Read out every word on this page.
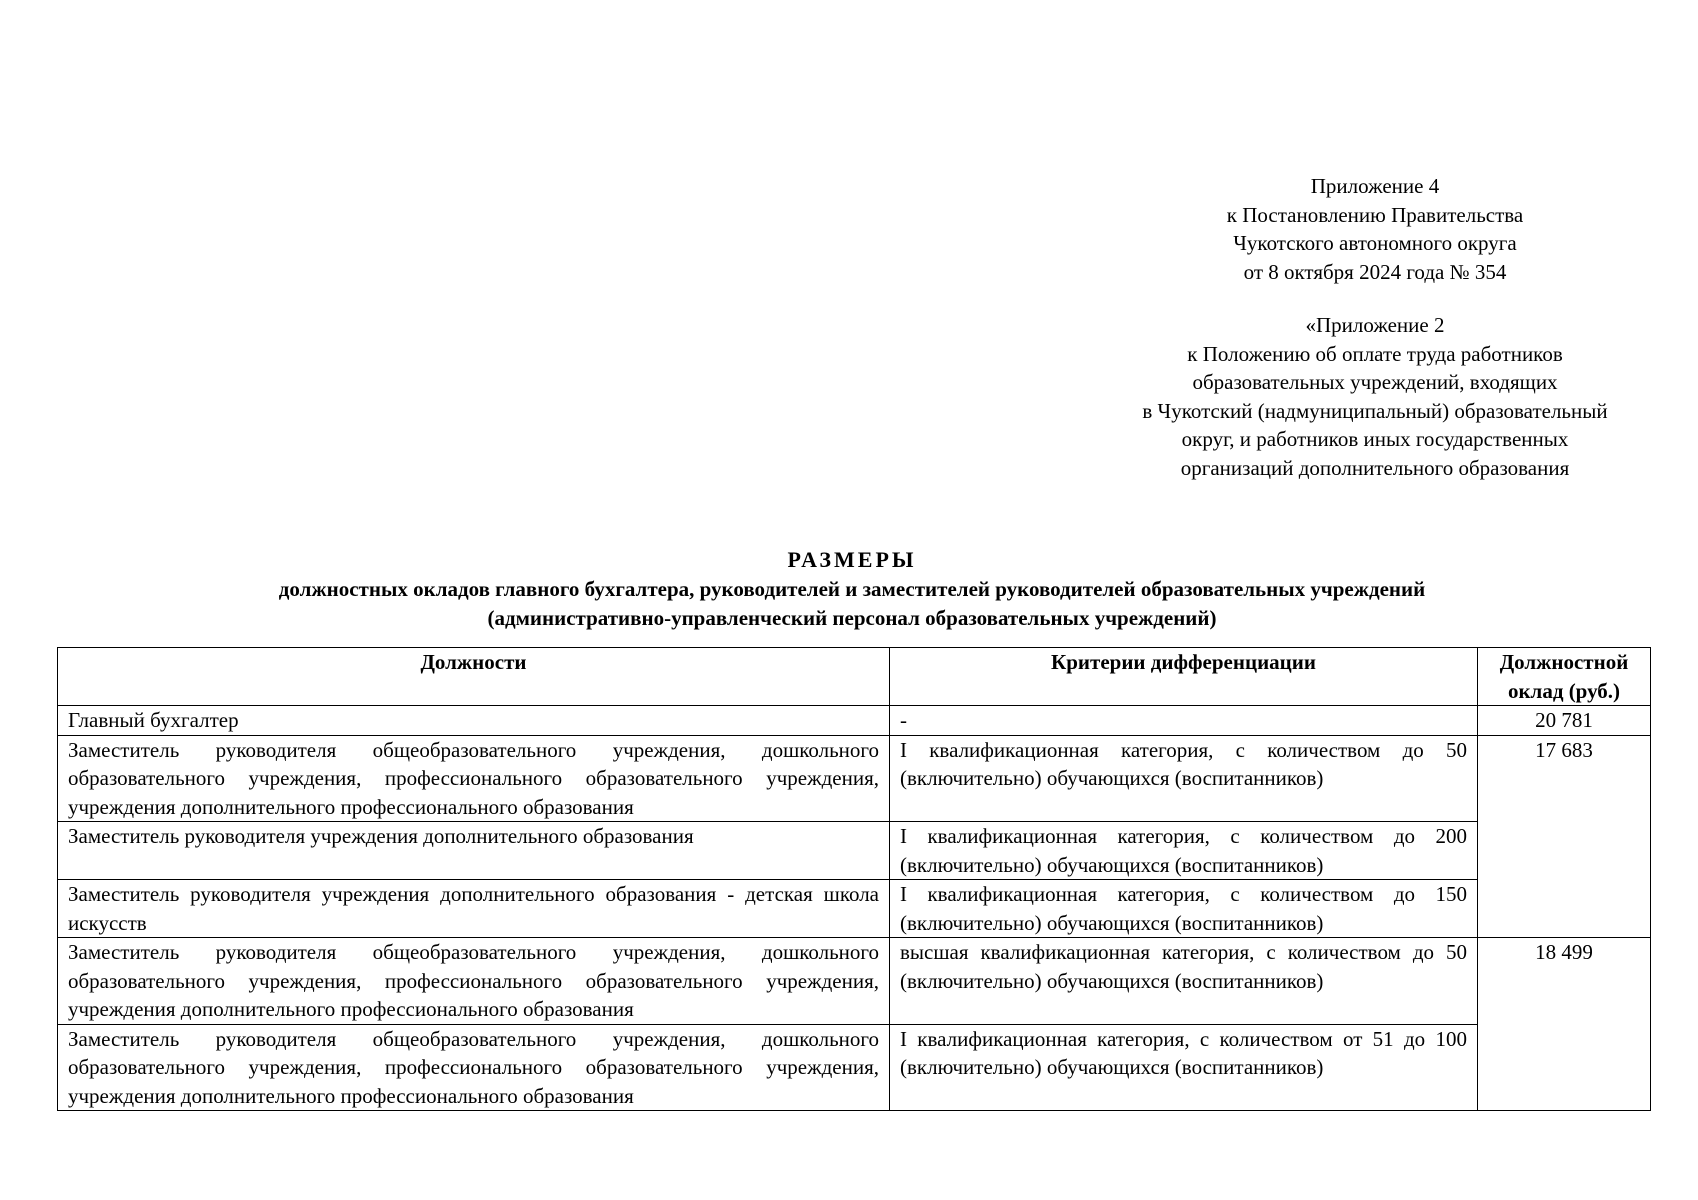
Приложение 4
к Постановлению Правительства
Чукотского автономного округа
от 8 октября 2024 года № 354
«Приложение 2
к Положению об оплате труда работников
образовательных учреждений, входящих
в Чукотский (надмуниципальный) образовательный
округ, и работников иных государственных
организаций дополнительного образования
РАЗМЕРЫ
должностных окладов главного бухгалтера, руководителей и заместителей руководителей образовательных учреждений
(административно-управленческий персонал образовательных учреждений)
Должности	Критерии дифференциации	Должностной оклад (руб.)
Главный бухгалтер	-	20 781
Заместитель руководителя общеобразовательного учреждения, дошкольного образовательного учреждения, профессионального образовательного учреждения, учреждения дополнительного профессионального образования	I квалификационная категория, с количеством до 50 (включительно) обучающихся (воспитанников)	17 683
Заместитель руководителя учреждения дополнительного образования	I квалификационная категория, с количеством до 200 (включительно) обучающихся (воспитанников)	
Заместитель руководителя учреждения дополнительного образования - детская школа искусств	I квалификационная категория, с количеством до 150 (включительно) обучающихся (воспитанников)	
Заместитель руководителя общеобразовательного учреждения, дошкольного образовательного учреждения, профессионального образовательного учреждения, учреждения дополнительного профессионального образования	высшая квалификационная категория, с количеством до 50 (включительно) обучающихся (воспитанников)	18 499
Заместитель руководителя общеобразовательного учреждения, дошкольного образовательного учреждения, профессионального образовательного учреждения, учреждения дополнительного профессионального образования	I квалификационная категория, с количеством от 51 до 100 (включительно) обучающихся (воспитанников)	
